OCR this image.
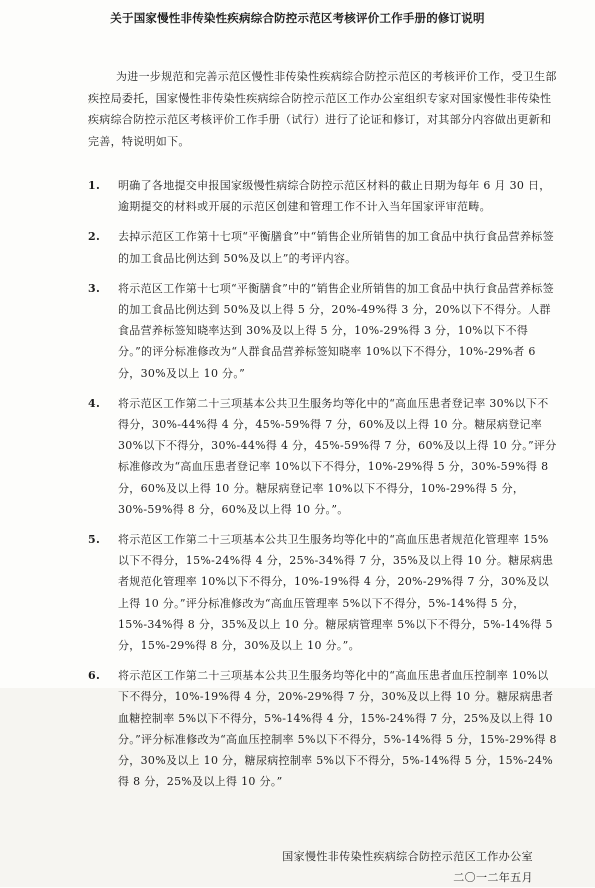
关于国家慢性非传染性疾病综合防控示范区考核评价工作手册的修订说明

为进一步规范和完善示范区慢性非传染性疾病综合防控示范区的考核评价工作，受卫生部疾控局委托，国家慢性非传染性疾病综合防控示范区工作办公室组织专家对国家慢性非传染性疾病综合防控示范区考核评价工作手册（试行）进行了论证和修订，对其部分内容做出更新和完善，特说明如下。

1. 明确了各地提交申报国家级慢性病综合防控示范区材料的截止日期为每年 6 月 30 日，逾期提交的材料或开展的示范区创建和管理工作不计入当年国家评审范畴。
2. 去掉示范区工作第十七项“平衡膳食”中“销售企业所销售的加工食品中执行食品营养标签的加工食品比例达到 50%及以上”的考评内容。
3. 将示范区工作第十七项“平衡膳食”中的“销售企业所销售的加工食品中执行食品营养标签的加工食品比例达到 50%及以上得 5 分，20%-49%得 3 分，20%以下不得分。人群食品营养标签知晓率达到 30%及以上得 5 分，10%-29%得 3 分，10%以下不得分。”的评分标准修改为“人群食品营养标签知晓率 10%以下不得分，10%-29%者 6 分，30%及以上 10 分。”
4. 将示范区工作第二十三项基本公共卫生服务均等化中的“高血压患者登记率 30%以下不得分，30%-44%得 4 分，45%-59%得 7 分，60%及以上得 10 分。糖尿病登记率 30%以下不得分，30%-44%得 4 分，45%-59%得 7 分，60%及以上得 10 分。”评分标准修改为“高血压患者登记率 10%以下不得分，10%-29%得 5 分，30%-59%得 8 分，60%及以上得 10 分。糖尿病登记率 10%以下不得分，10%-29%得 5 分，30%-59%得 8 分，60%及以上得 10 分。”。
5. 将示范区工作第二十三项基本公共卫生服务均等化中的“高血压患者规范化管理率 15%以下不得分，15%-24%得 4 分，25%-34%得 7 分，35%及以上得 10 分。糖尿病患者规范化管理率 10%以下不得分，10%-19%得 4 分，20%-29%得 7 分，30%及以上得 10 分。”评分标准修改为“高血压管理率 5%以下不得分，5%-14%得 5 分，15%-34%得 8 分，35%及以上 10 分。糖尿病管理率 5%以下不得分，5%-14%得 5 分，15%-29%得 8 分，30%及以上 10 分。”。
6. 将示范区工作第二十三项基本公共卫生服务均等化中的“高血压患者血压控制率 10%以下不得分，10%-19%得 4 分，20%-29%得 7 分，30%及以上得 10 分。糖尿病患者血糖控制率 5%以下不得分，5%-14%得 4 分，15%-24%得 7 分，25%及以上得 10 分。”评分标准修改为“高血压控制率 5%以下不得分，5%-14%得 5 分，15%-29%得 8 分，30%及以上 10 分，糖尿病控制率 5%以下不得分，5%-14%得 5 分，15%-24%得 8 分，25%及以上得 10 分。”
国家慢性非传染性疾病综合防控示范区工作办公室
二〇一二年五月
